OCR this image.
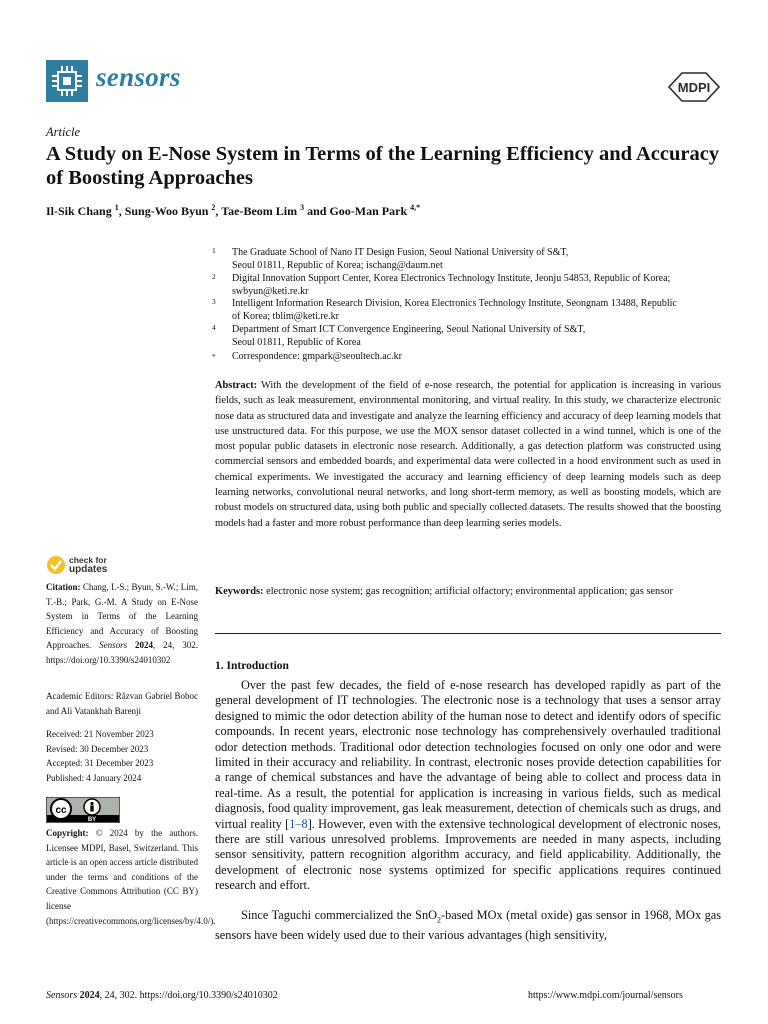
sensors	MDPI
Article
A Study on E-Nose System in Terms of the Learning Efficiency and Accuracy of Boosting Approaches
Il-Sik Chang $^1$, Sung-Woo Byun $^2$, Tae-Beom Lim $^3$ and Goo-Man Park $^{4,*}$
1	The Graduate School of Nano IT Design Fusion, Seoul National University of S&T,
Seoul 01811, Republic of Korea; ischang@daum.net
2	Digital Innovation Support Center, Korea Electronics Technology Institute, Jeonju 54853, Republic of Korea;
swbyun@keti.re.kr
3	Intelligent Information Research Division, Korea Electronics Technology Institute, Seongnam 13488, Republic
of Korea; tblim@keti.re.kr
4	Department of Smart ICT Convergence Engineering, Seoul National University of S&T,
Seoul 01811, Republic of Korea
*	Correspondence: gmpark@seoultech.ac.kr
Abstract: With the development of the field of e-nose research, the potential for application is increasing in various fields, such as leak measurement, environmental monitoring, and virtual reality. In this study, we characterize electronic nose data as structured data and investigate and analyze the learning efficiency and accuracy of deep learning models that use unstructured data. For this purpose, we use the MOX sensor dataset collected in a wind tunnel, which is one of the most popular public datasets in electronic nose research. Additionally, a gas detection platform was constructed using commercial sensors and embedded boards, and experimental data were collected in a hood environment such as used in chemical experiments. We investigated the accuracy and learning efficiency of deep learning models such as deep learning networks, convolutional neural networks, and long short-term memory, as well as boosting models, which are robust models on structured data, using both public and specially collected datasets. The results showed that the boosting models had a faster and more robust performance than deep learning series models.
Keywords: electronic nose system; gas recognition; artificial olfactory; environmental application; gas sensor
1. Introduction
Over the past few decades, the field of e-nose research has developed rapidly as part of the general development of IT technologies. The electronic nose is a technology that uses a sensor array designed to mimic the odor detection ability of the human nose to detect and identify odors of specific compounds. In recent years, electronic nose technology has comprehensively overhauled traditional odor detection methods. Traditional odor detection technologies focused on only one odor and were limited in their accuracy and reliability. In contrast, electronic noses provide detection capabilities for a range of chemical substances and have the advantage of being able to collect and process data in real-time. As a result, the potential for application is increasing in various fields, such as medical diagnosis, food quality improvement, gas leak measurement, detection of chemicals such as drugs, and virtual reality [1–8]. However, even with the extensive technological development of electronic noses, there are still various unresolved problems. Improvements are needed in many aspects, including sensor sensitivity, pattern recognition algorithm accuracy, and field applicability. Additionally, the development of electronic nose systems optimized for specific applications requires continued research and effort.
Since Taguchi commercialized the SnO$_2$-based MOx (metal oxide) gas sensor in 1968, MOx gas sensors have been widely used due to their various advantages (high sensitivity,
check for
updates
Citation: Chang, I.-S.; Byun, S.-W.; Lim, T.-B.; Park, G.-M. A Study on E-Nose System in Terms of the Learning Efficiency and Accuracy of Boosting Approaches. Sensors 2024, 24, 302. https://doi.org/10.3390/s24010302
Academic Editors: Răzvan Gabriel Boboc and Ali Vatankhah Barenji
Received: 21 November 2023
Revised: 30 December 2023
Accepted: 31 December 2023
Published: 4 January 2024
cc
BY
Copyright: © 2024 by the authors. Licensee MDPI, Basel, Switzerland. This article is an open access article distributed under the terms and conditions of the Creative Commons Attribution (CC BY) license (https://creativecommons.org/licenses/by/4.0/).
Sensors 2024, 24, 302. https://doi.org/10.3390/s24010302	https://www.mdpi.com/journal/sensors
